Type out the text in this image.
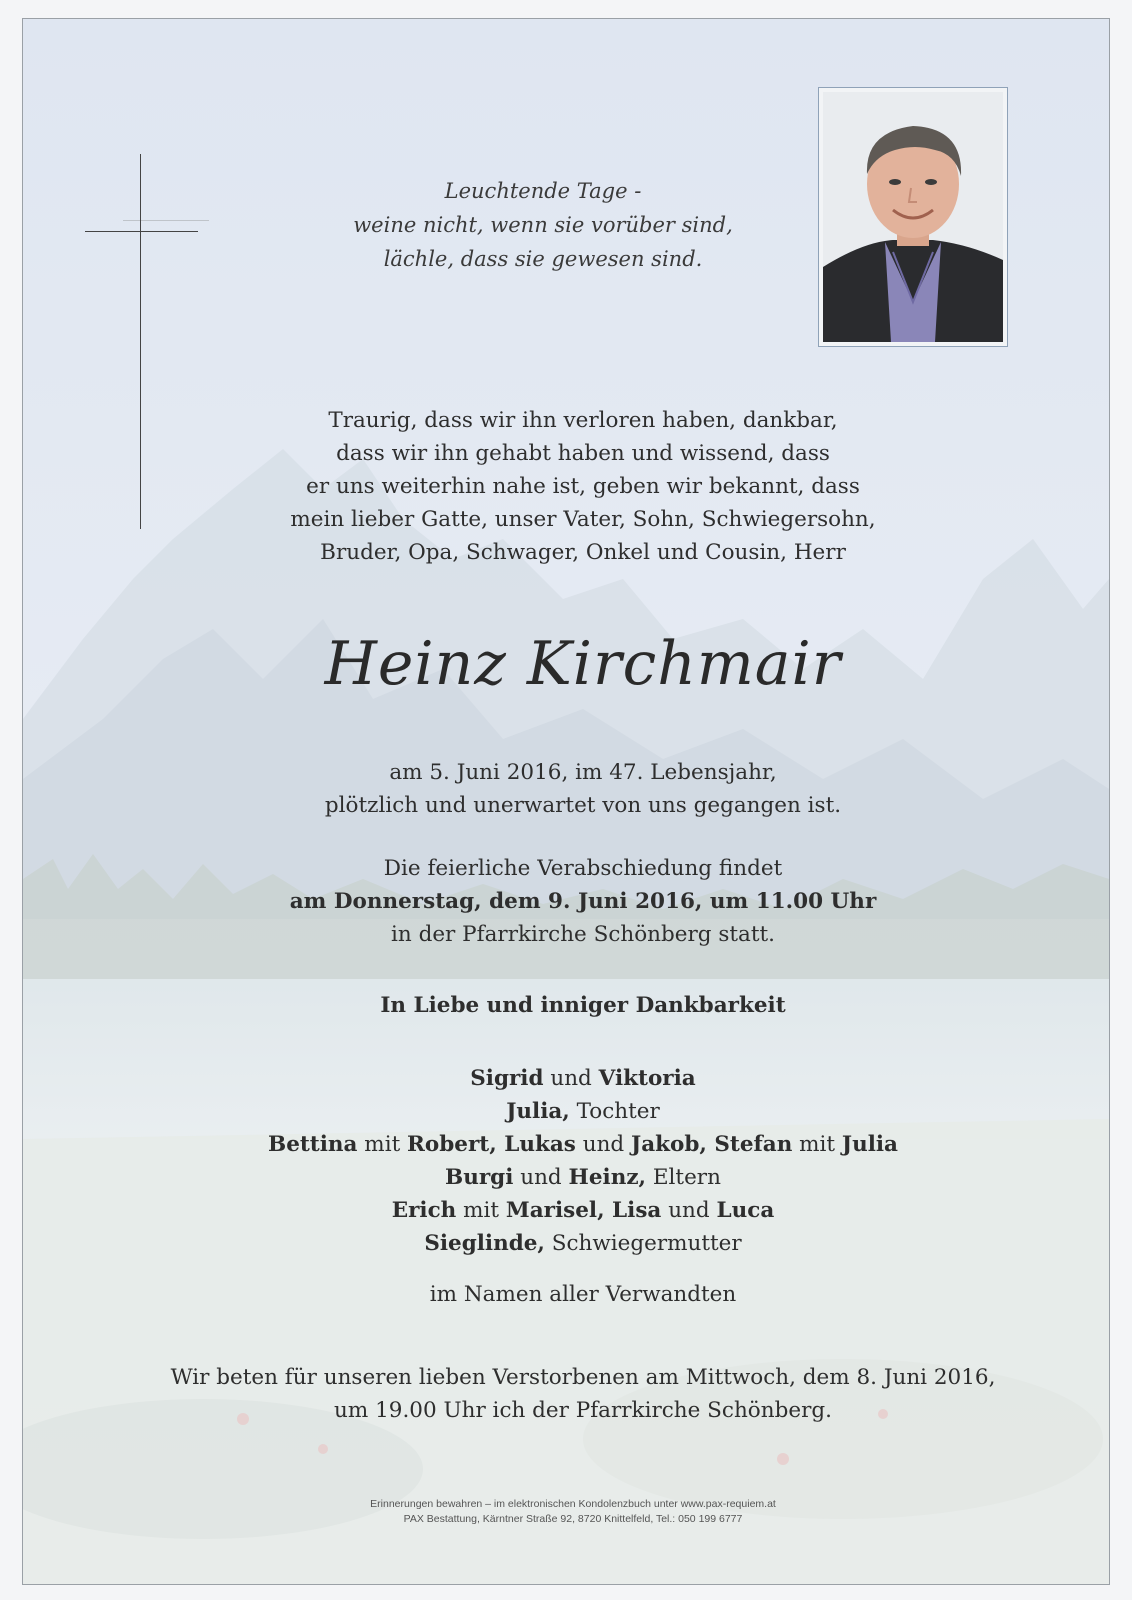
Leuchtende Tage -
weine nicht, wenn sie vorüber sind,
lächle, dass sie gewesen sind.
Traurig, dass wir ihn verloren haben, dankbar,
dass wir ihn gehabt haben und wissend, dass
er uns weiterhin nahe ist, geben wir bekannt, dass
mein lieber Gatte, unser Vater, Sohn, Schwiegersohn,
Bruder, Opa, Schwager, Onkel und Cousin, Herr
Heinz Kirchmair
am 5. Juni 2016, im 47. Lebensjahr,
plötzlich und unerwartet von uns gegangen ist.
Die feierliche Verabschiedung findet
am Donnerstag, dem 9. Juni 2016, um 11.00 Uhr
in der Pfarrkirche Schönberg statt.
In Liebe und inniger Dankbarkeit
Sigrid und Viktoria
Julia, Tochter
Bettina mit Robert, Lukas und Jakob, Stefan mit Julia
Burgi und Heinz, Eltern
Erich mit Marisel, Lisa und Luca
Sieglinde, Schwiegermutter
im Namen aller Verwandten
Wir beten für unseren lieben Verstorbenen am Mittwoch, dem 8. Juni 2016,
um 19.00 Uhr ich der Pfarrkirche Schönberg.
Erinnerungen bewahren – im elektronischen Kondolenzbuch unter www.pax-requiem.at
PAX Bestattung, Kärntner Straße 92, 8720 Knittelfeld, Tel.: 050 199 6777
